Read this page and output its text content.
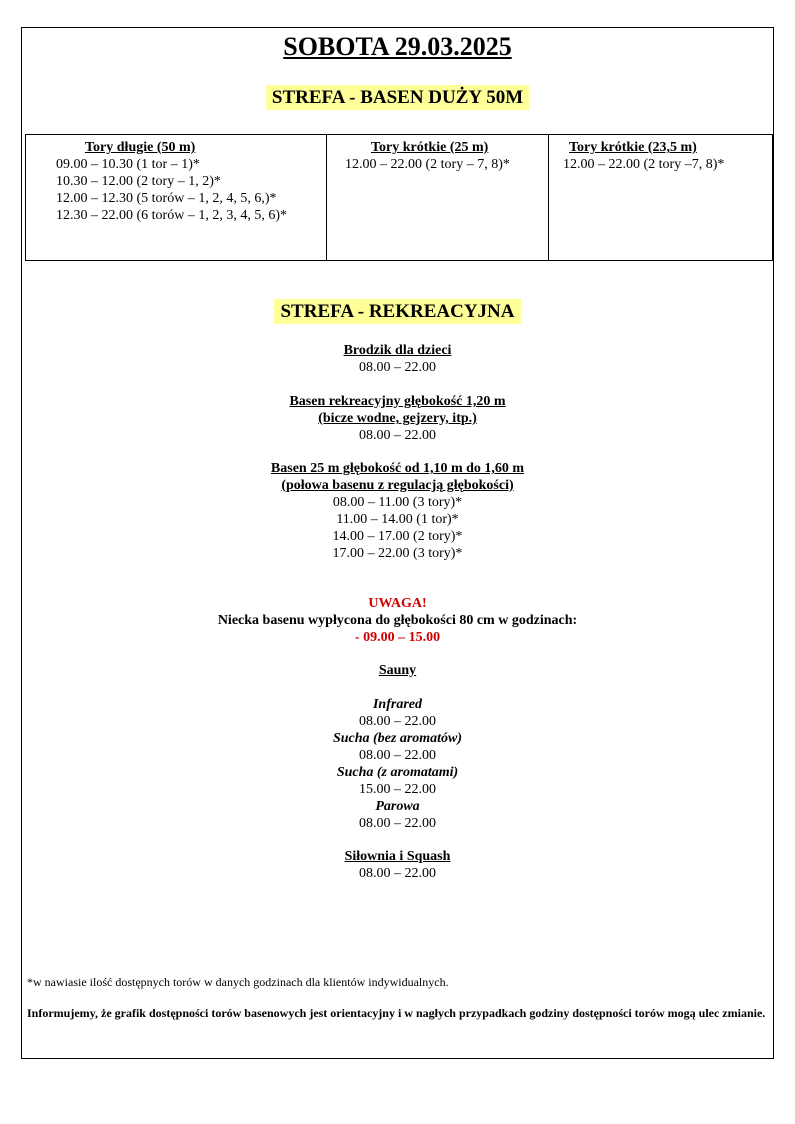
SOBOTA 29.03.2025
STREFA - BASEN DUŻY 50M
Tory długie (50 m)
09.00 – 10.30 (1 tor – 1)*
10.30 – 12.00 (2 tory – 1, 2)*
12.00 – 12.30 (5 torów – 1, 2, 4, 5, 6,)*
12.30 – 22.00 (6 torów – 1, 2, 3, 4, 5, 6)*
Tory krótkie (25 m)
12.00 – 22.00 (2 tory – 7, 8)*
Tory krótkie (23,5 m)
12.00 – 22.00 (2 tory –7, 8)*
STREFA - REKREACYJNA
Brodzik dla dzieci
08.00 – 22.00
Basen rekreacyjny głębokość 1,20 m
(bicze wodne, gejzery, itp.)
08.00 – 22.00
Basen 25 m głębokość od 1,10 m do 1,60 m
(połowa basenu z regulacją głębokości)
08.00 – 11.00 (3 tory)*
11.00 – 14.00 (1 tor)*
14.00 – 17.00 (2 tory)*
17.00 – 22.00 (3 tory)*
UWAGA!
Niecka basenu wypłycona do głębokości 80 cm w godzinach:
- 09.00 – 15.00
Sauny
Infrared
08.00 – 22.00
Sucha (bez aromatów)
08.00 – 22.00
Sucha (z aromatami)
15.00 – 22.00
Parowa
08.00 – 22.00
Siłownia i Squash
08.00 – 22.00
*w nawiasie ilość dostępnych torów w danych godzinach dla klientów indywidualnych.
Informujemy, że grafik dostępności torów basenowych jest orientacyjny i w nagłych przypadkach godziny dostępności torów mogą ulec zmianie.
